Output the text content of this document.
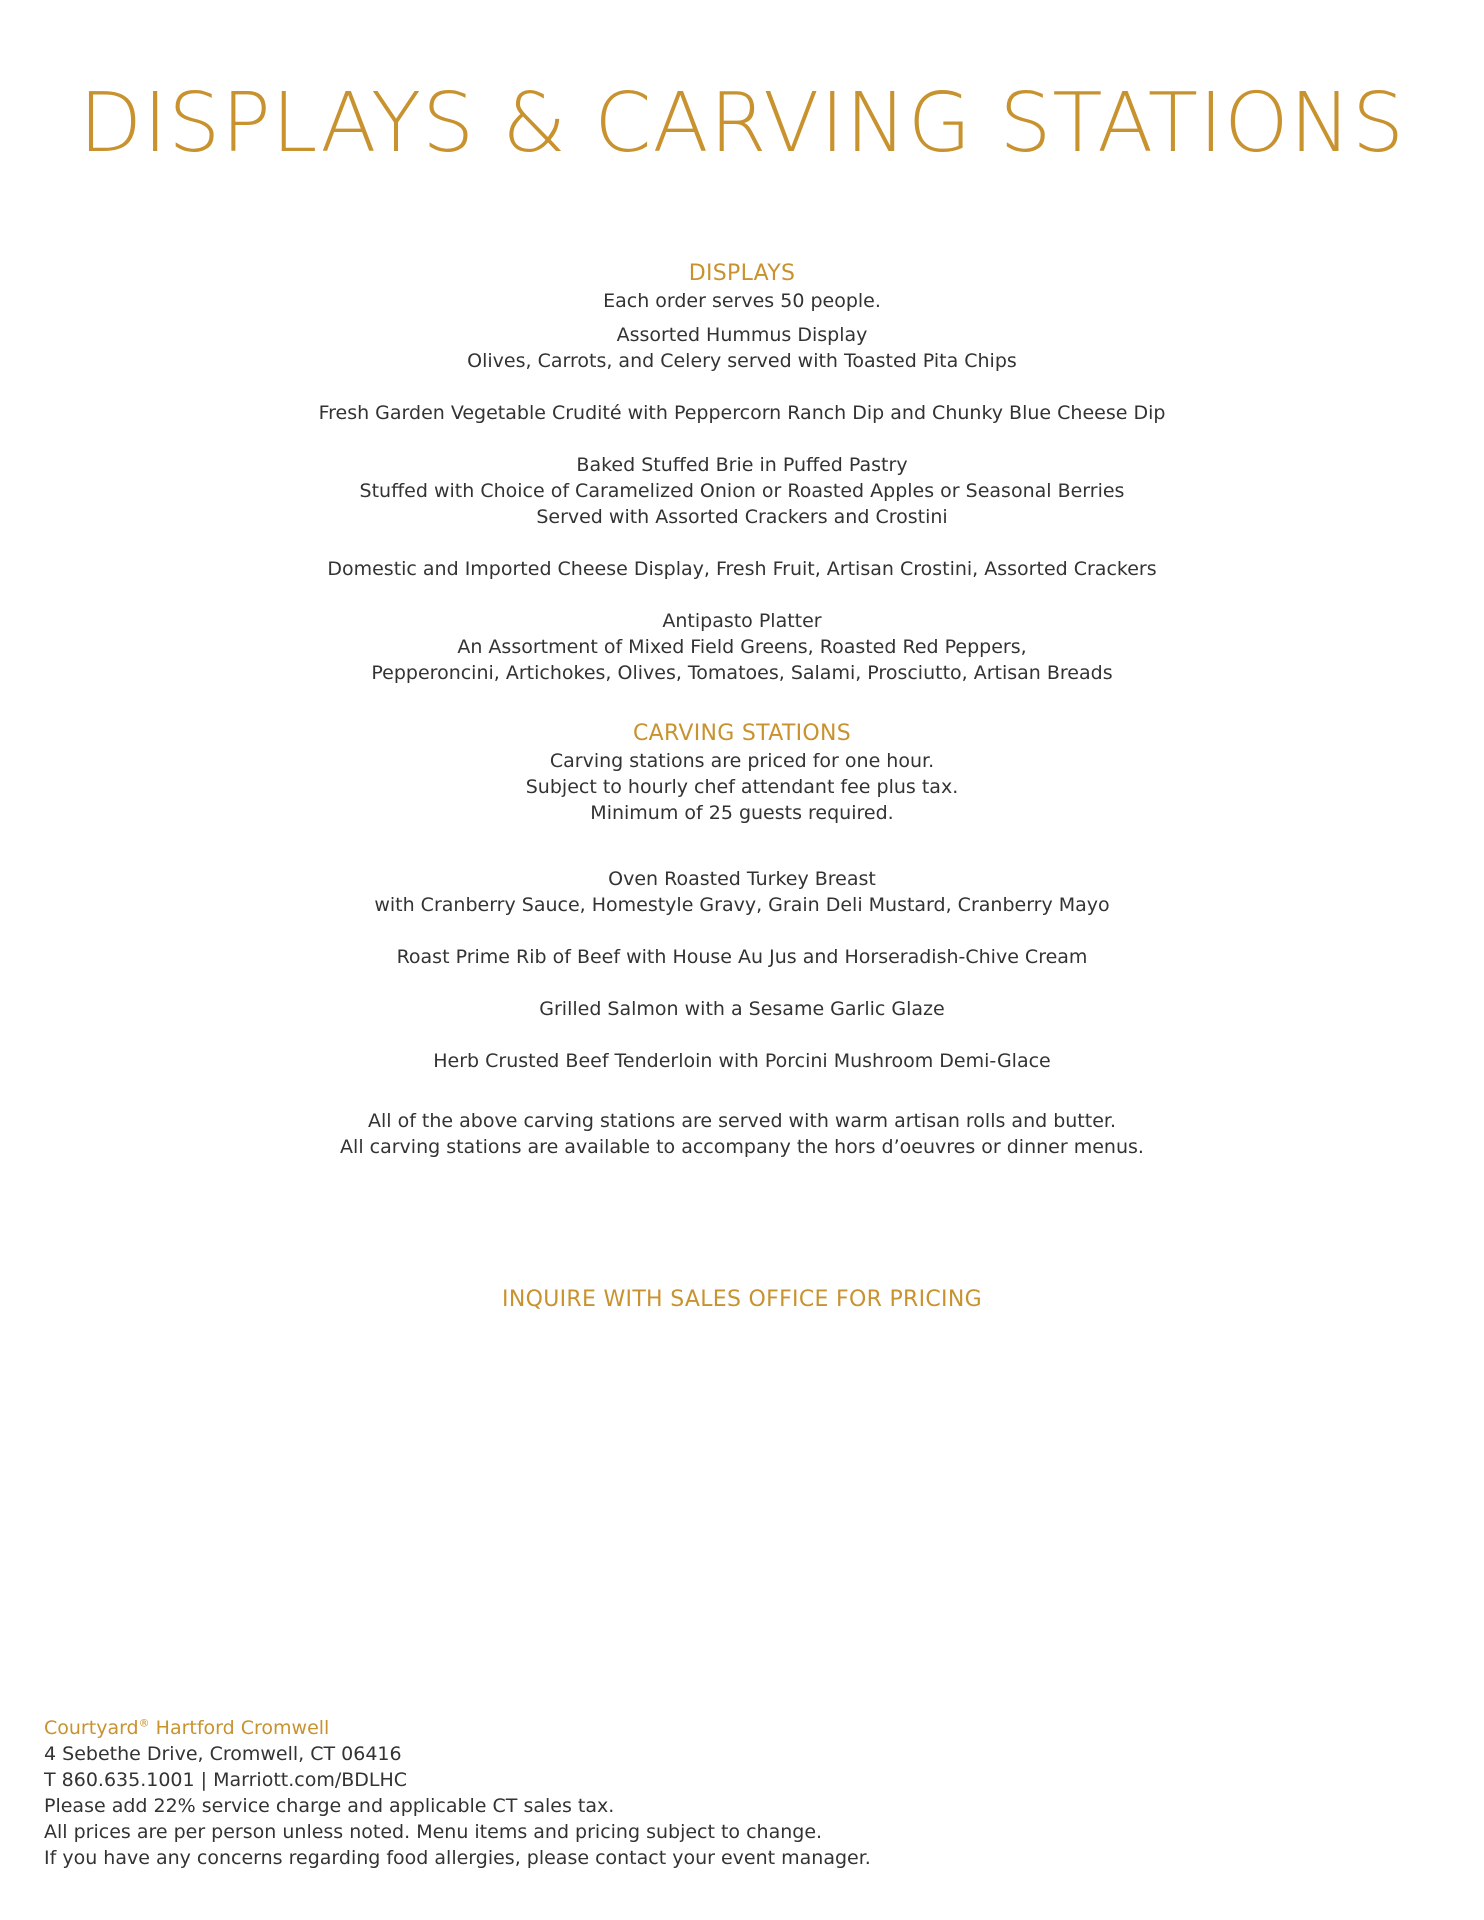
DISPLAYS & CARVING STATIONS
DISPLAYS
Each order serves 50 people.
Assorted Hummus Display
Olives, Carrots, and Celery served with Toasted Pita Chips
Fresh Garden Vegetable Crudité with Peppercorn Ranch Dip and Chunky Blue Cheese Dip
Baked Stuffed Brie in Puffed Pastry
Stuffed with Choice of Caramelized Onion or Roasted Apples or Seasonal Berries
Served with Assorted Crackers and Crostini
Domestic and Imported Cheese Display, Fresh Fruit, Artisan Crostini, Assorted Crackers
Antipasto Platter
An Assortment of Mixed Field Greens, Roasted Red Peppers,
Pepperoncini, Artichokes, Olives, Tomatoes, Salami, Prosciutto, Artisan Breads
CARVING STATIONS
Carving stations are priced for one hour.
Subject to hourly chef attendant fee plus tax.
Minimum of 25 guests required.
Oven Roasted Turkey Breast
with Cranberry Sauce, Homestyle Gravy, Grain Deli Mustard, Cranberry Mayo
Roast Prime Rib of Beef with House Au Jus and Horseradish-Chive Cream
Grilled Salmon with a Sesame Garlic Glaze
Herb Crusted Beef Tenderloin with Porcini Mushroom Demi-Glace
All of the above carving stations are served with warm artisan rolls and butter.
All carving stations are available to accompany the hors d’oeuvres or dinner menus.
INQUIRE WITH SALES OFFICE FOR PRICING
Courtyard® Hartford Cromwell
4 Sebethe Drive, Cromwell, CT 06416
T 860.635.1001 | Marriott.com/BDLHC
Please add 22% service charge and applicable CT sales tax.
All prices are per person unless noted. Menu items and pricing subject to change.
If you have any concerns regarding food allergies, please contact your event manager.
